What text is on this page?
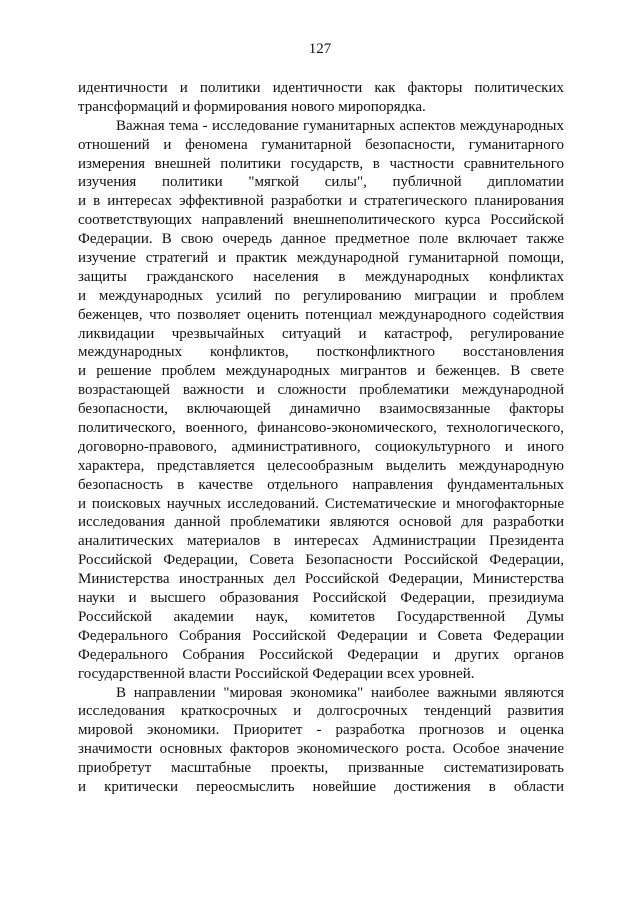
127
идентичности и политики идентичности как факторы политических
трансформаций и формирования нового миропорядка.
Важная тема - исследование гуманитарных аспектов международных
отношений и феномена гуманитарной безопасности, гуманитарного
измерения внешней политики государств, в частности сравнительного
изучения политики "мягкой силы", публичной дипломатии
и в интересах эффективной разработки и стратегического планирования
соответствующих направлений внешнеполитического курса Российской
Федерации. В свою очередь данное предметное поле включает также
изучение стратегий и практик международной гуманитарной помощи,
защиты гражданского населения в международных конфликтах
и международных усилий по регулированию миграции и проблем
беженцев, что позволяет оценить потенциал международного содействия
ликвидации чрезвычайных ситуаций и катастроф, регулирование
международных конфликтов, постконфликтного восстановления
и решение проблем международных мигрантов и беженцев. В свете
возрастающей важности и сложности проблематики международной
безопасности, включающей динамично взаимосвязанные факторы
политического, военного, финансово-экономического, технологического,
договорно-правового, административного, социокультурного и иного
характера, представляется целесообразным выделить международную
безопасность в качестве отдельного направления фундаментальных
и поисковых научных исследований. Систематические и многофакторные
исследования данной проблематики являются основой для разработки
аналитических материалов в интересах Администрации Президента
Российской Федерации, Совета Безопасности Российской Федерации,
Министерства иностранных дел Российской Федерации, Министерства
науки и высшего образования Российской Федерации, президиума
Российской академии наук, комитетов Государственной Думы
Федерального Собрания Российской Федерации и Совета Федерации
Федерального Собрания Российской Федерации и других органов
государственной власти Российской Федерации всех уровней.
В направлении "мировая экономика" наиболее важными являются
исследования краткосрочных и долгосрочных тенденций развития
мировой экономики. Приоритет - разработка прогнозов и оценка
значимости основных факторов экономического роста. Особое значение
приобретут масштабные проекты, призванные систематизировать
и критически переосмыслить новейшие достижения в области
